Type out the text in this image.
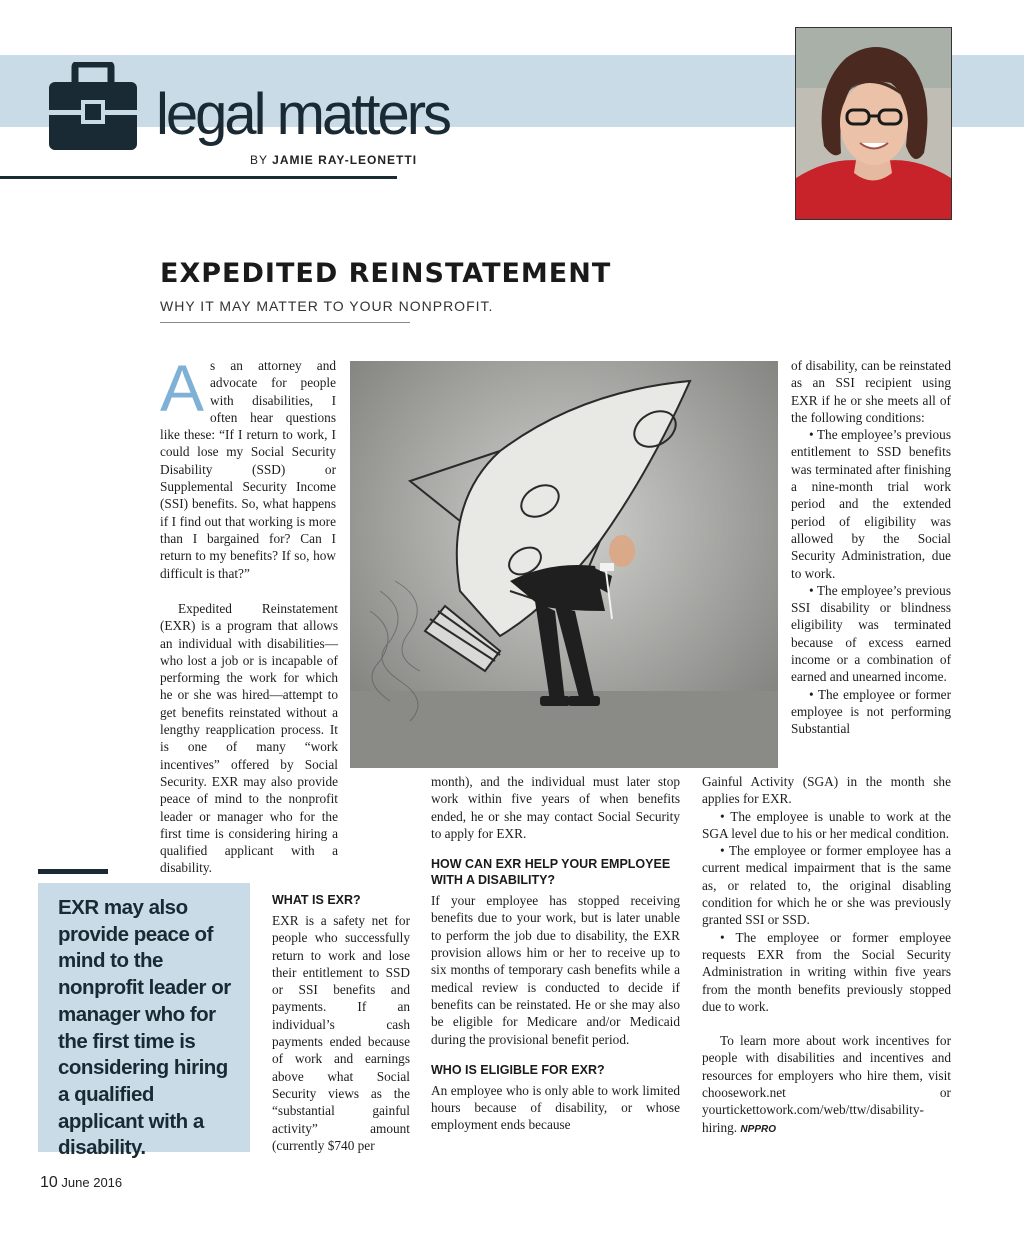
legal matters
BY JAMIE RAY-LEONETTI
EXPEDITED REINSTATEMENT
WHY IT MAY MATTER TO YOUR NONPROFIT.
A s an attorney and advocate for people with disabilities, I often hear questions like these: “If I return to work, I could lose my Social Security Disability (SSD) or Supplemental Security Income (SSI) benefits. So, what happens if I find out that working is more than I bargained for? Can I return to my benefits? If so, how difficult is that?”

Expedited Reinstatement (EXR) is a program that allows an individual with disabilities—who lost a job or is incapable of performing the work for which he or she was hired—attempt to get benefits reinstated without a lengthy reapplication process. It is one of many “work incentives” offered by Social Security. EXR may also provide peace of mind to the nonprofit leader or manager who for the first time is considering hiring a qualified applicant with a disability.

WHAT IS EXR?

EXR is a safety net for people who successfully return to work and lose their entitlement to SSD or SSI benefits and payments. If an individual’s cash payments ended because of work and earnings above what Social Security views as the “substantial gainful activity” amount (currently $740 per

month), and the individual must later stop work within five years of when benefits ended, he or she may contact Social Security to apply for EXR.

HOW CAN EXR HELP YOUR EMPLOYEE WITH A DISABILITY?

If your employee has stopped receiving benefits due to your work, but is later unable to perform the job due to disability, the EXR provision allows him or her to receive up to six months of temporary cash benefits while a medical review is conducted to decide if benefits can be reinstated. He or she may also be eligible for Medicare and/or Medicaid during the provisional benefit period.

WHO IS ELIGIBLE FOR EXR?

An employee who is only able to work limited hours because of disability, or whose employment ends because

of disability, can be reinstated as an SSI recipient using EXR if he or she meets all of the following conditions:

• The employee’s previous entitlement to SSD benefits was terminated after finishing a nine-month trial work period and the extended period of eligibility was allowed by the Social Security Administration, due to work.

• The employee’s previous SSI disability or blindness eligibility was terminated because of excess earned income or a combination of earned and unearned income.

• The employee or former employee is not performing Substantial

Gainful Activity (SGA) in the month she applies for EXR.

• The employee is unable to work at the SGA level due to his or her medical condition.

• The employee or former employee has a current medical impairment that is the same as, or related to, the original disabling condition for which he or she was previously granted SSI or SSD.

• The employee or former employee requests EXR from the Social Security Administration in writing within five years from the month benefits previously stopped due to work.

To learn more about work incentives for people with disabilities and incentives and resources for employers who hire them, visit choosework.net or yourtickettowork.com/web/ttw/disability-hiring. NPPRO

EXR may also provide peace of mind to the nonprofit leader or manager who for the first time is considering hiring a qualified applicant with a disability.
10 June 2016
